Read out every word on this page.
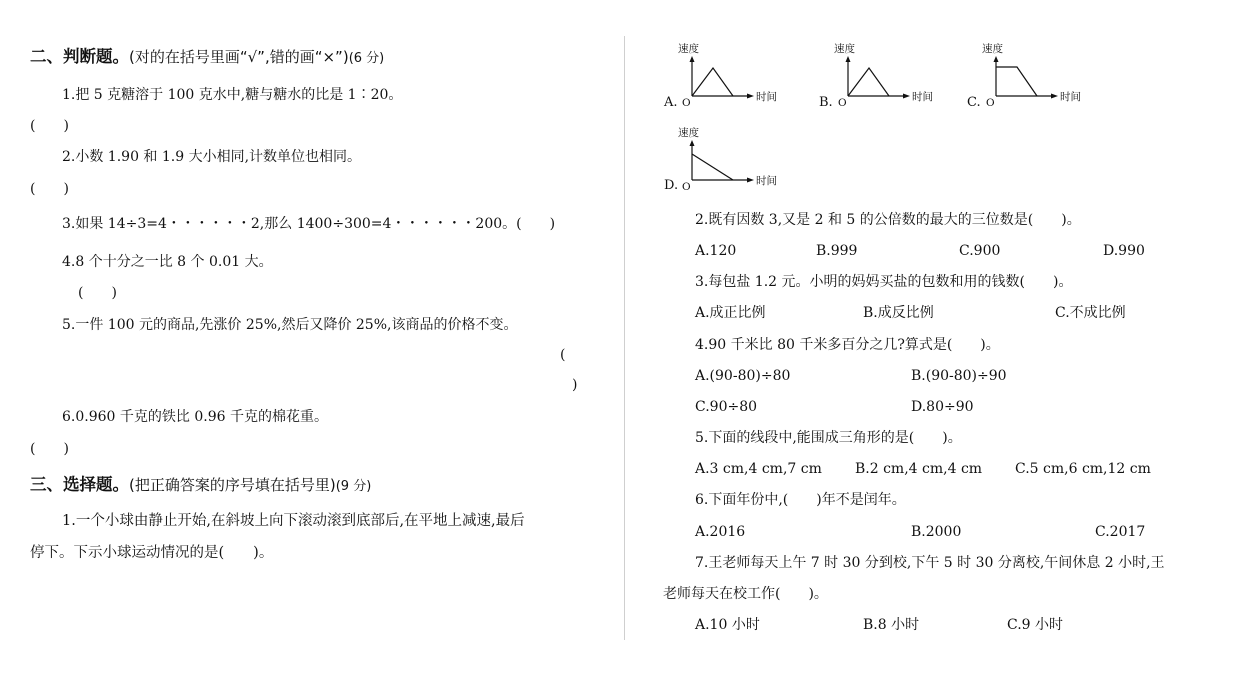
二、判断题。(对的在括号里画“√”,错的画“×”)(6 分)
1.把 5 克糖溶于 100 克水中,糖与糖水的比是 1∶20。
(　　)
2.小数 1.90 和 1.9 大小相同,计数单位也相同。
(　　)
3.如果 14÷3=4・・・・・・2,那么 1400÷300=4・・・・・・200。(　　)
4.8 个十分之一比 8 个 0.01 大。
(　　)
5.一件 100 元的商品,先涨价 25%,然后又降价 25%,该商品的价格不变。
(
)
6.0.960 千克的铁比 0.96 千克的棉花重。
(　　)
三、选择题。(把正确答案的序号填在括号里)(9 分)
1.一个小球由静止开始,在斜坡上向下滚动滚到底部后,在平地上减速,最后
停下。下示小球运动情况的是(　　)。
A.
速度
O	时间	B.
速度
O	时间	C.
速度
O	时间
D.
速度
O	时间
2.既有因数 3,又是 2 和 5 的公倍数的最大的三位数是(　　)。
A.120	B.999	C.900	D.990
3.每包盐 1.2 元。小明的妈妈买盐的包数和用的钱数(　　)。
A.成正比例	B.成反比例	C.不成比例
4.90 千米比 80 千米多百分之几?算式是(　　)。
A.(90-80)÷80	B.(90-80)÷90
C.90÷80	D.80÷90
5.下面的线段中,能围成三角形的是(　　)。
A.3 cm,4 cm,7 cm B.2 cm,4 cm,4 cm C.5 cm,6 cm,12 cm
6.下面年份中,(　　)年不是闰年。
A.2016	B.2000	C.2017
7.王老师每天上午 7 时 30 分到校,下午 5 时 30 分离校,午间休息 2 小时,王
老师每天在校工作(　　)。
A.10 小时	B.8 小时	C.9 小时
